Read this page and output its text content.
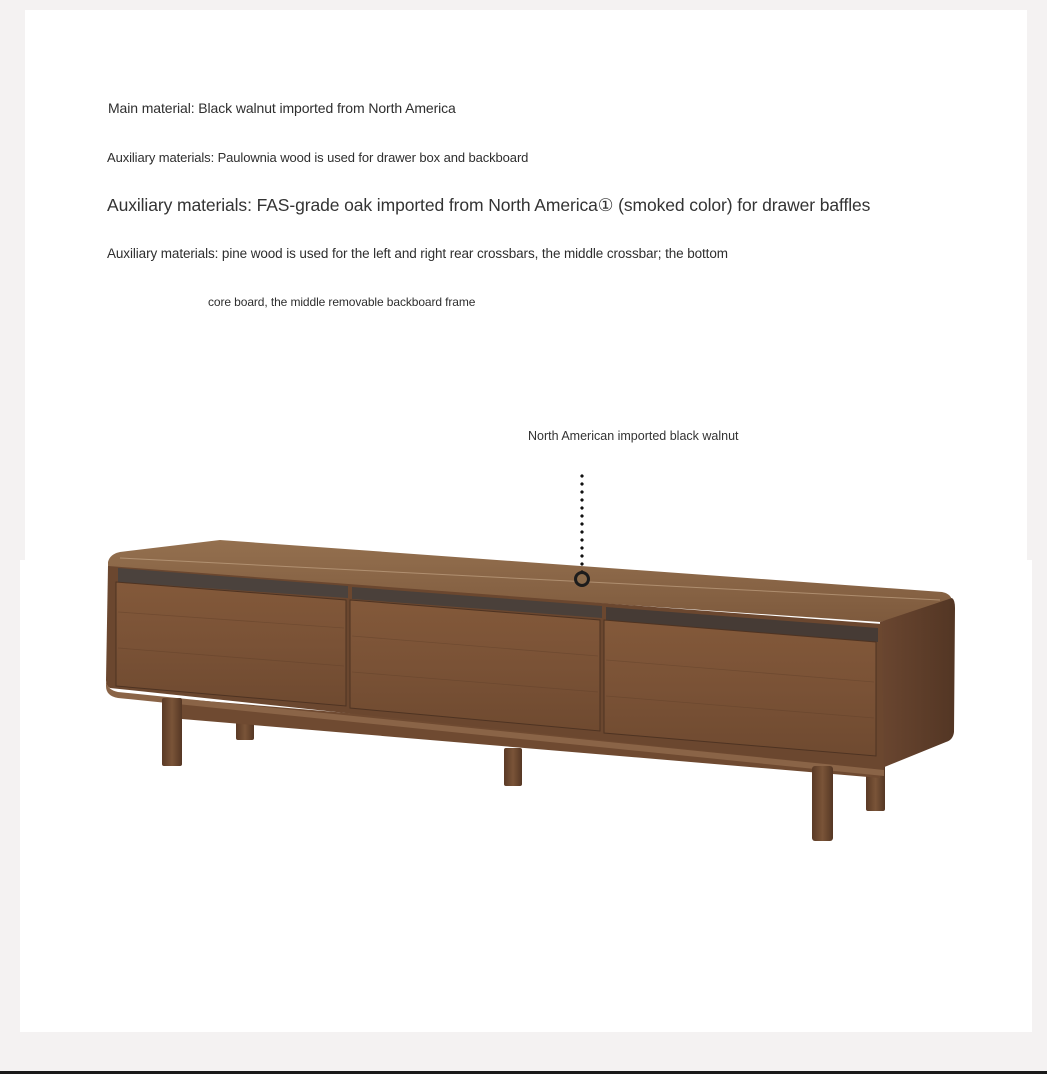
Main material: Black walnut imported from North America
Auxiliary materials: Paulownia wood is used for drawer box and backboard
Auxiliary materials: FAS-grade oak imported from North America① (smoked color) for drawer baffles
Auxiliary materials: pine wood is used for the left and right rear crossbars, the middle crossbar; the bottom
core board, the middle removable backboard frame
North American imported black walnut
